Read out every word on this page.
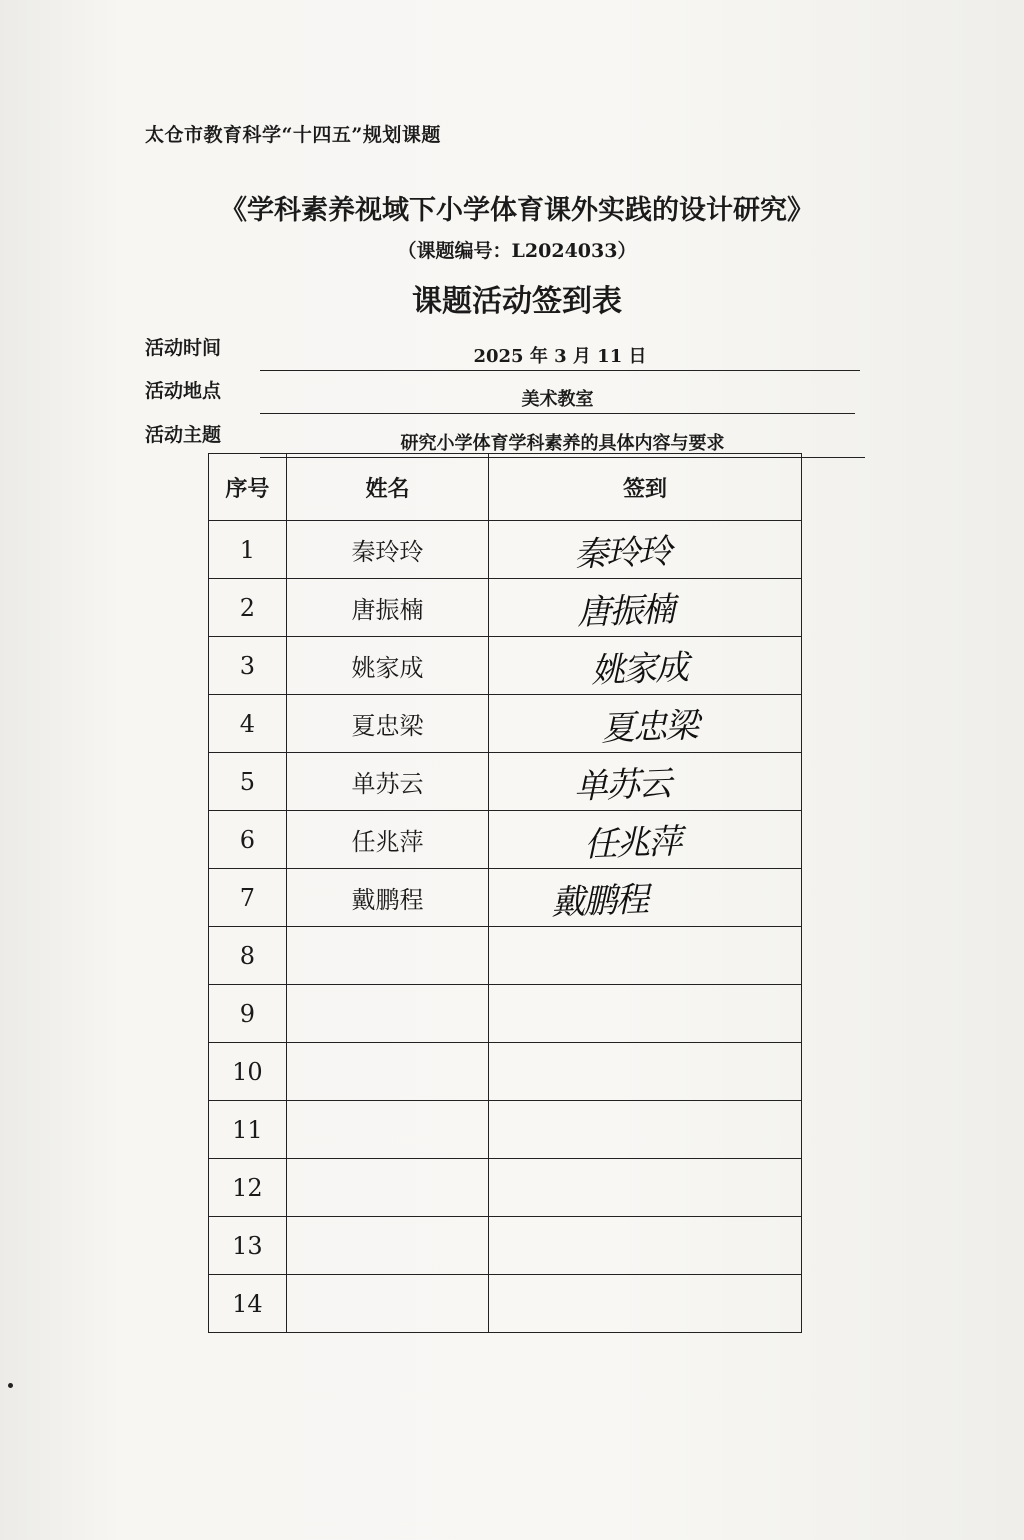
太仓市教育科学“十四五”规划课题
《学科素养视域下小学体育课外实践的设计研究》
（课题编号：L2024033）
课题活动签到表
活动时间	2025 年 3 月 11 日
活动地点	美术教室
活动主题	研究小学体育学科素养的具体内容与要求
序号	姓名	签到
1	秦玲玲	秦玲玲

2	唐振楠	唐振楠

3	姚家成	姚家成

4	夏忠梁	夏忠梁

5	单苏云	单苏云

6	任兆萍	任兆萍

7	戴鹏程	戴鹏程

8		
9		
10		
11		
12		
13		
14		
